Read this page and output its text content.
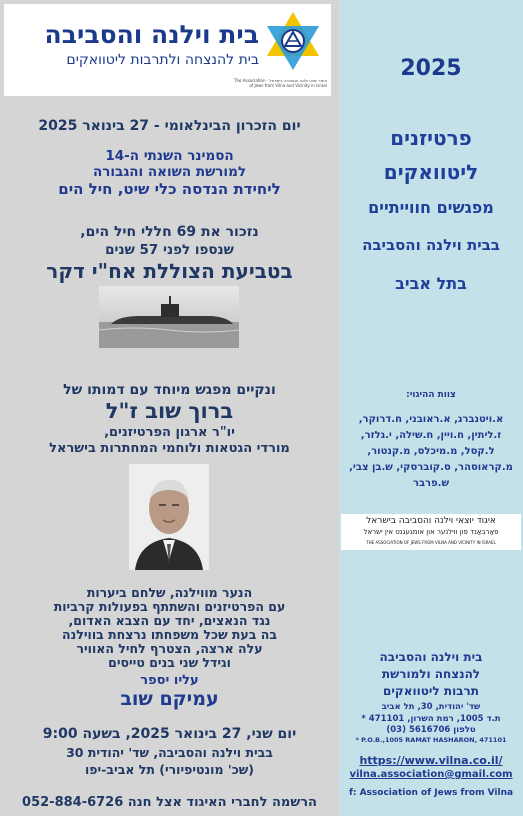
בית וילנה והסביבה
בית להנצחה ולתרבות ליטוואקים
איגוד יוצאי וילנה והסביבה בישראל · The Association of Jews from Vilna and Vicinity in Israel
יום הזכרון הבינלאומי - 27 בינואר 2025
הסמינר השנתי ה-14
למורשת השואה והגבורה
ליחידת הנדסה כלי שיט, חיל הים
נזכור את 69 חללי חיל הים,
שנספו לפני 57 שנים
בטביעת הצוללת אח"י דקר
ונקיים מפגש מיוחד עם דמותו של
ברוך שוב ז"ל
יו"ר ארגון הפרטיזנים,
מורדי הגטאות ולוחמי המחתרות בישראל
הנער מווילנה, שלחם ביערות
עם הפרטיזנים והשתתף בפעולות קרביות
נגד הנאצים, יחד עם הצבא האדום,
בה בעת שכל משפחתו נרצחת בווילנה
עלה ארצה, הצטרף לחיל האוויר
וגידל שני בנים טייסים
עליו יספר
עמיקם שוב
יום שני, 27 בינואר 2025, בשעה 9:00
בבית וילנה והסביבה, שד' יהודית 30
(שכ' מונטיפיורי) תל אביב-יפו
הרשמה לחברי האיגוד אצל חנה 052-884-6726
2025
פרטיזנים
ליטוואקים
מפגשים חווייתיים
בבית וילנה והסביבה
בתל אביב
צוות ההיגוי:
א.ויטנברג, א.ראובני, ח.דרוקר, ז.ליתין, ח.ויין, ח.שילה, י.גלזר, ל.קסל, מ.מיכלס, מ.קנטור, מ.קראוסהר, ס.קוברסקי, ש.בן צבי, ש.פרבר
איגוד יוצאי וילנה והסביבה בישראל
פאַרבאַנד פון ווילנער און אומגעגנט אין ישׂראל
THE ASSOCIATION OF JEWS FROM VILNA AND VICINITY IN ISRAEL
בית וילנה והסביבה
להנצחה ולמורשת
תרבות ליטוואקים
שד' יהודית, 30, תל אביב
ת.ד 1005, רמת השרון, 471101 *
טלפון 5616706 (03)
* P.O.B.,1005 RAMAT HASHARON, 471101
https://www.vilna.co.il/
vilna.association@gmail.com
f: Association of Jews from Vilna
